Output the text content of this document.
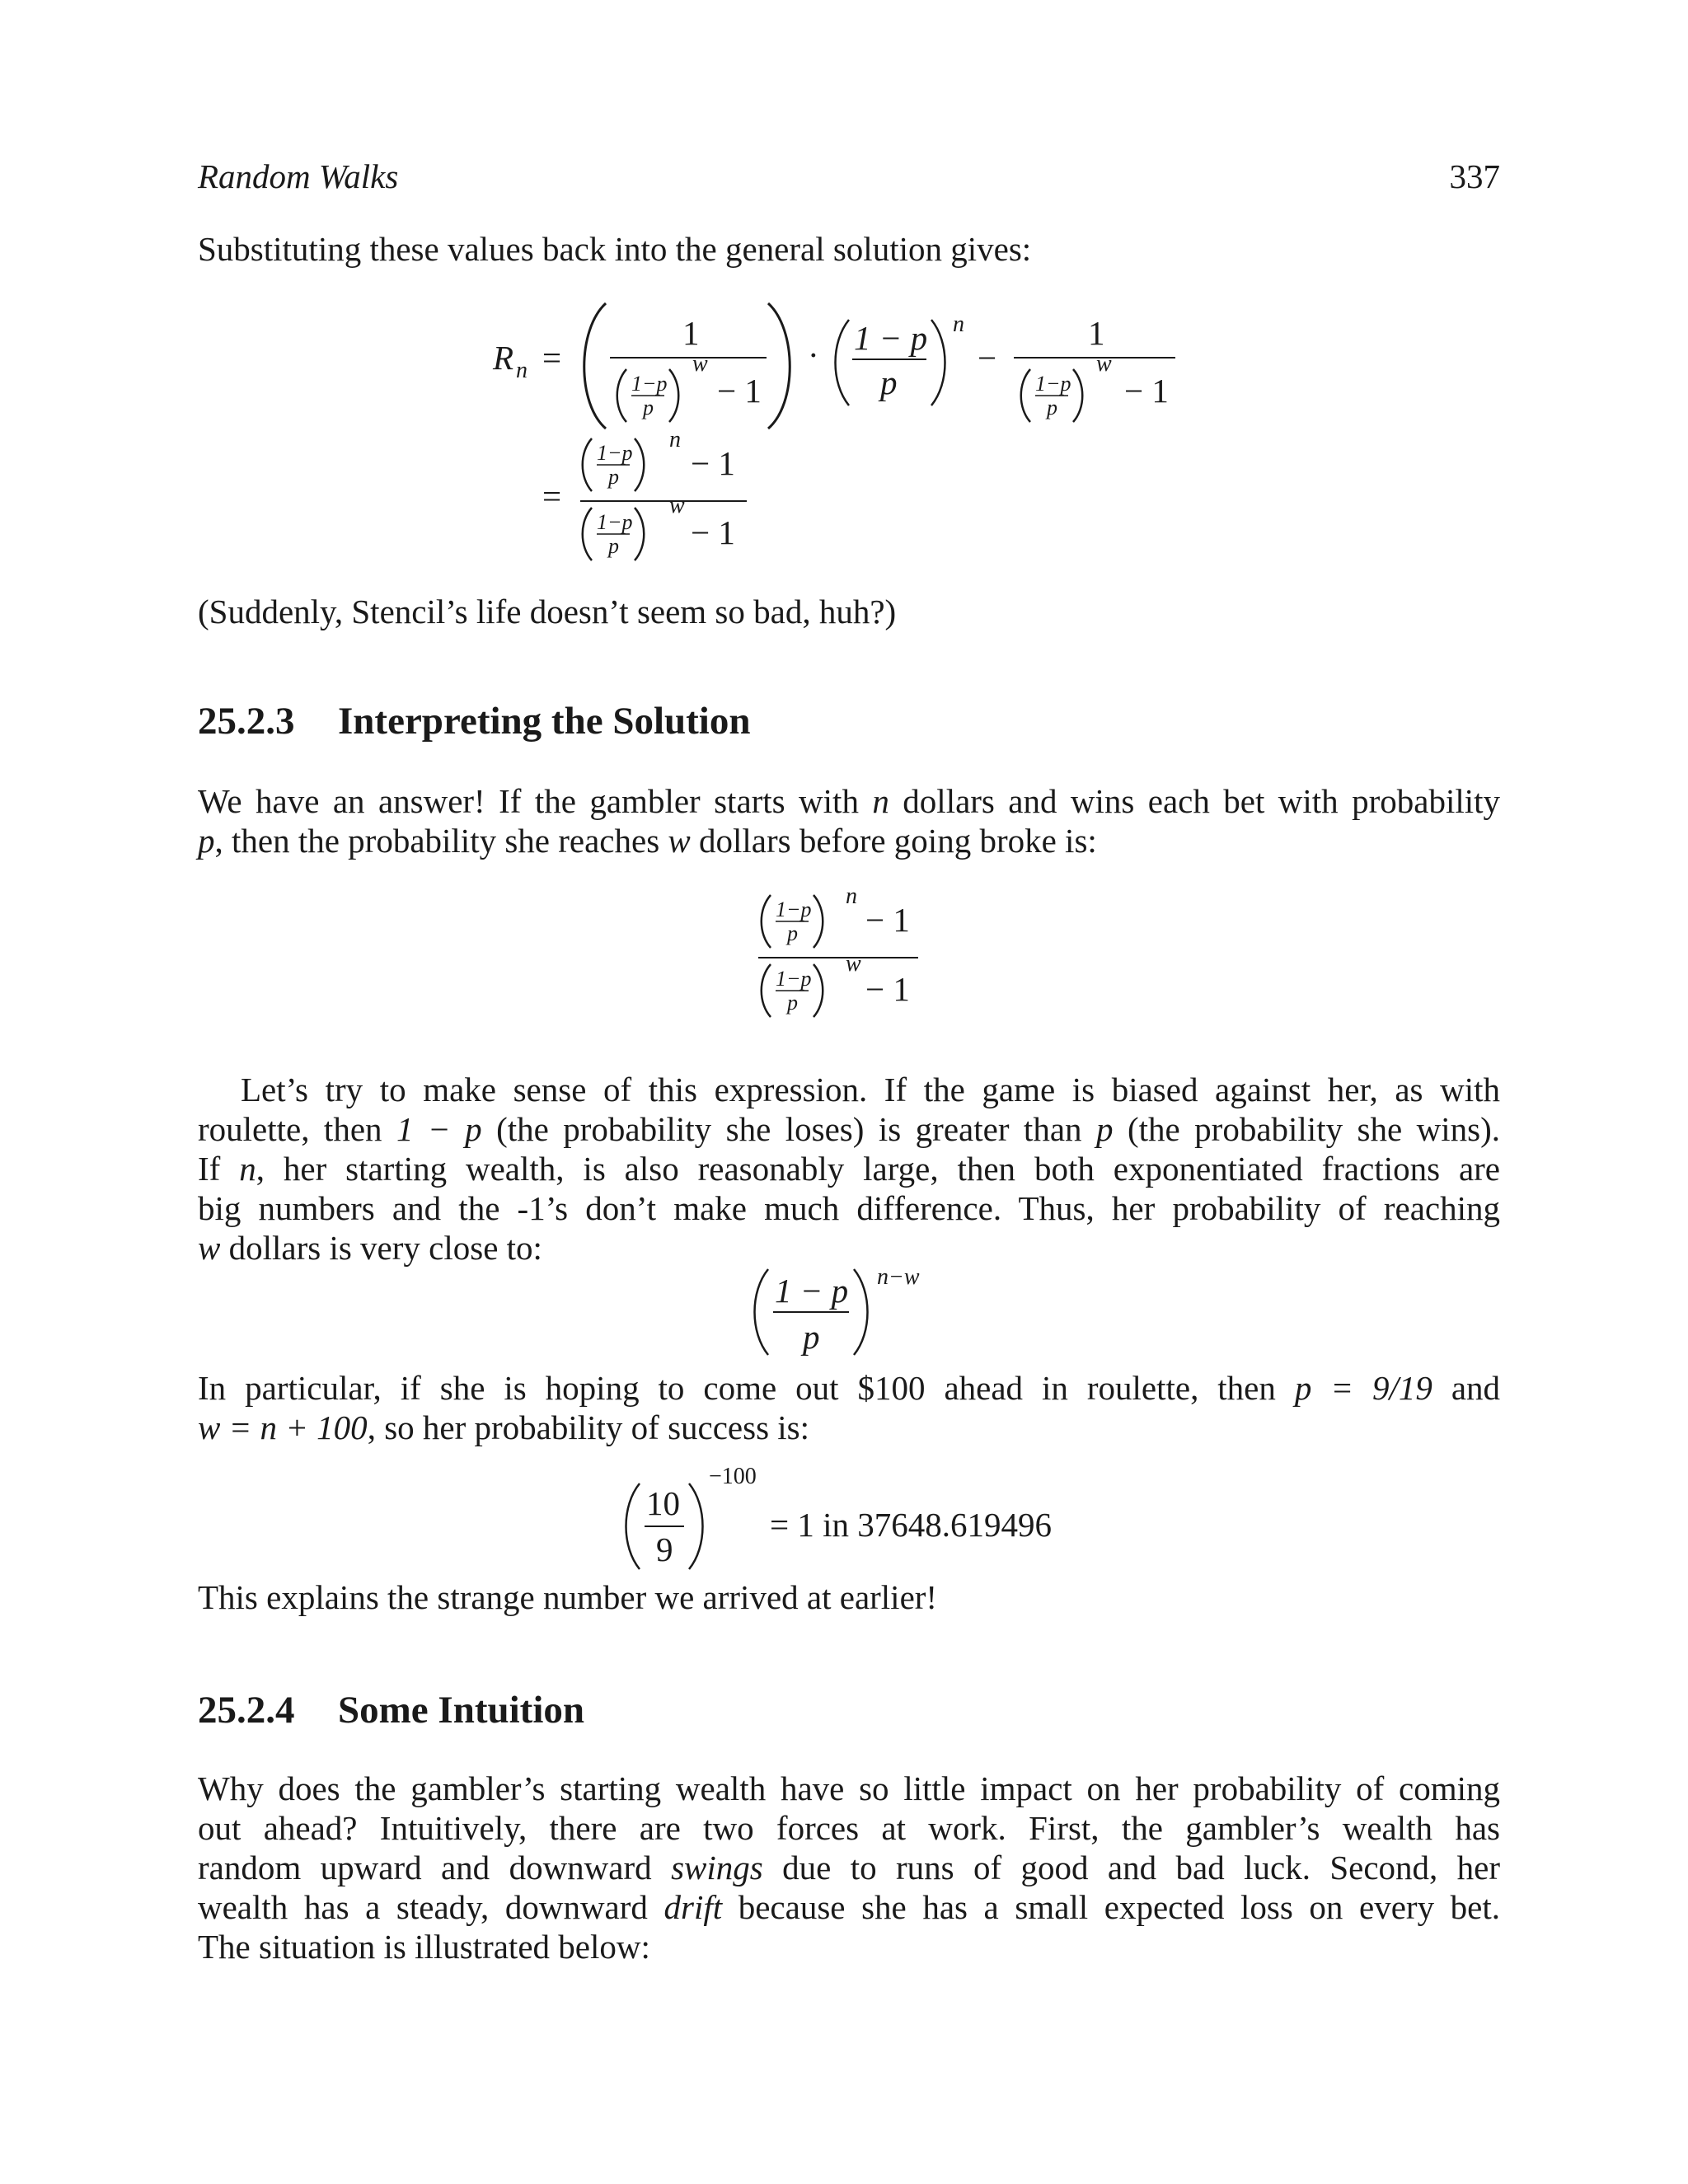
Random Walks	337
Substituting these values back into the general solution gives:
R n =
1
1−p
p
w
− 1
· 1 − p
p
n
−
1
1−p
p
w
− 1
=
1−p
p
n
− 1
1−p
p
w
− 1
(Suddenly, Stencil’s life doesn’t seem so bad, huh?)
25.2.3 Interpreting the Solution
We have an answer! If the gambler starts with n dollars and wins each bet with probability
p, then the probability she reaches w dollars before going broke is:
1−p
p
n
− 1
1−p
p
w
− 1
Let’s try to make sense of this expression. If the game is biased against her, as with
roulette, then 1 − p (the probability she loses) is greater than p (the probability she wins).
If n, her starting wealth, is also reasonably large, then both exponentiated fractions are
big numbers and the -1’s don’t make much difference. Thus, her probability of reaching
w dollars is very close to:
1 − p
p
n−w
In particular, if she is hoping to come out $100 ahead in roulette, then p = 9/19 and
w = n + 100, so her probability of success is:
10
9
−100
= 1 in 37648.619496
This explains the strange number we arrived at earlier!
25.2.4 Some Intuition
Why does the gambler’s starting wealth have so little impact on her probability of coming
out ahead? Intuitively, there are two forces at work. First, the gambler’s wealth has
random upward and downward swings due to runs of good and bad luck. Second, her
wealth has a steady, downward drift because she has a small expected loss on every bet.
The situation is illustrated below:
